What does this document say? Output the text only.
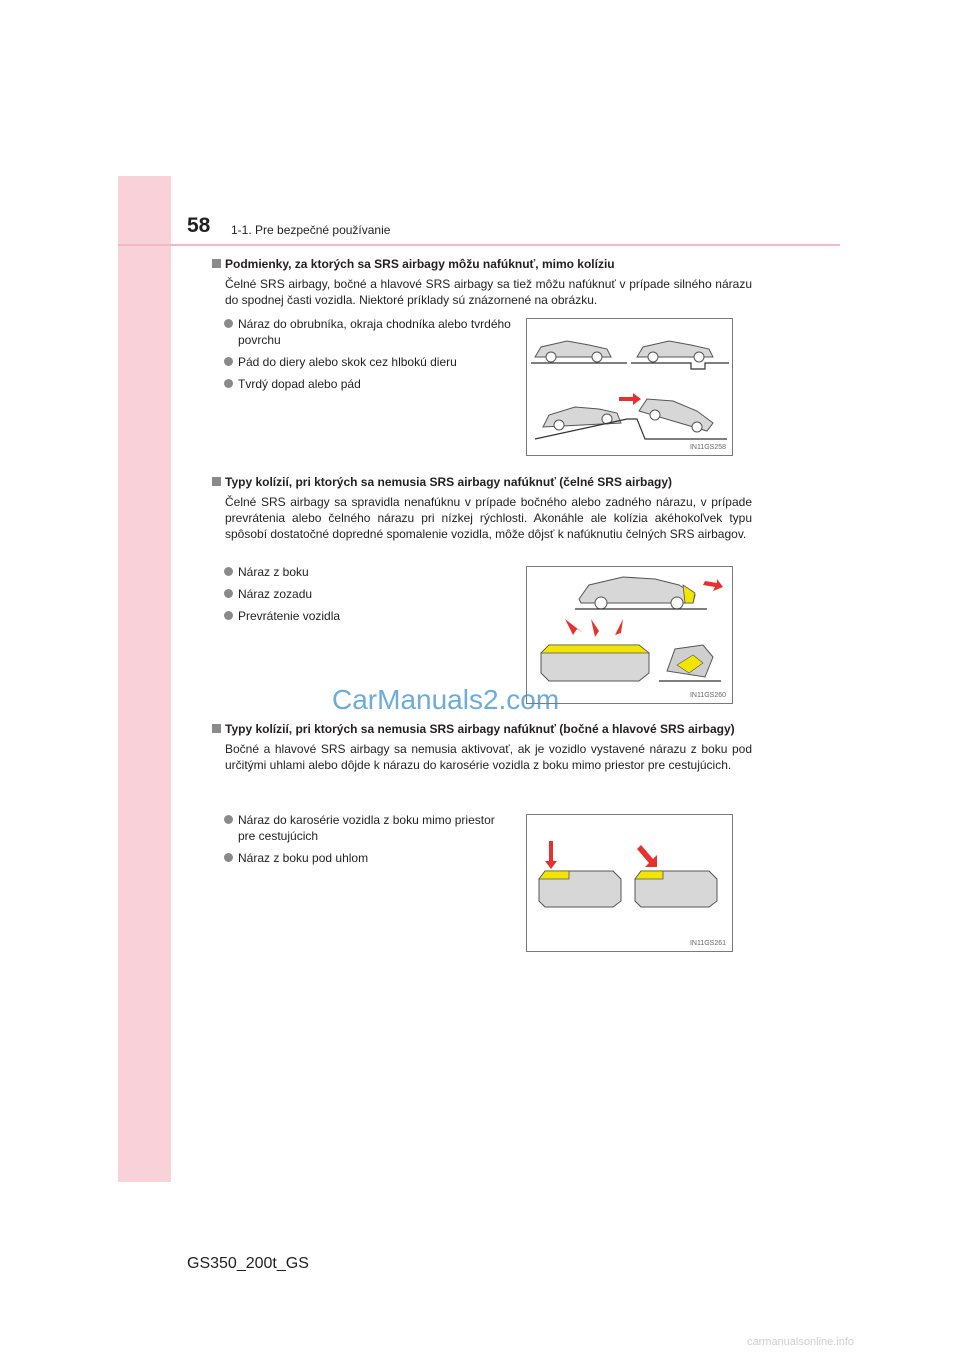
58 1-1. Pre bezpečné používanie
Podmienky, za ktorých sa SRS airbagy môžu nafúknuť, mimo kolíziu
Čelné SRS airbagy, bočné a hlavové SRS airbagy sa tiež môžu nafúknuť v prípade silného nárazu do spodnej časti vozidla. Niektoré príklady sú znázornené na obrázku.
Náraz do obrubníka, okraja chodníka alebo tvrdého povrchu
Pád do diery alebo skok cez hlbokú dieru
Tvrdý dopad alebo pád
IN11GS258
Typy kolízií, pri ktorých sa nemusia SRS airbagy nafúknuť (čelné SRS airbagy)
Čelné SRS airbagy sa spravidla nenafúknu v prípade bočného alebo zadného nárazu, v prípade prevrátenia alebo čelného nárazu pri nízkej rýchlosti. Akonáhle ale kolízia akéhokoľvek typu spôsobí dostatočné dopredné spomalenie vozidla, môže dôjsť k nafúknutiu čelných SRS airbagov.
Náraz z boku
Náraz zozadu
Prevrátenie vozidla
IN11GS260
CarManuals2.com
Typy kolízií, pri ktorých sa nemusia SRS airbagy nafúknuť (bočné a hlavové SRS airbagy)
Bočné a hlavové SRS airbagy sa nemusia aktivovať, ak je vozidlo vystavené nárazu z boku pod určitými uhlami alebo dôjde k nárazu do karosérie vozidla z boku mimo priestor pre cestujúcich.
Náraz do karosérie vozidla z boku mimo priestor pre cestujúcich
Náraz z boku pod uhlom
IN11GS261
GS350_200t_GS
carmanualsonline.info
